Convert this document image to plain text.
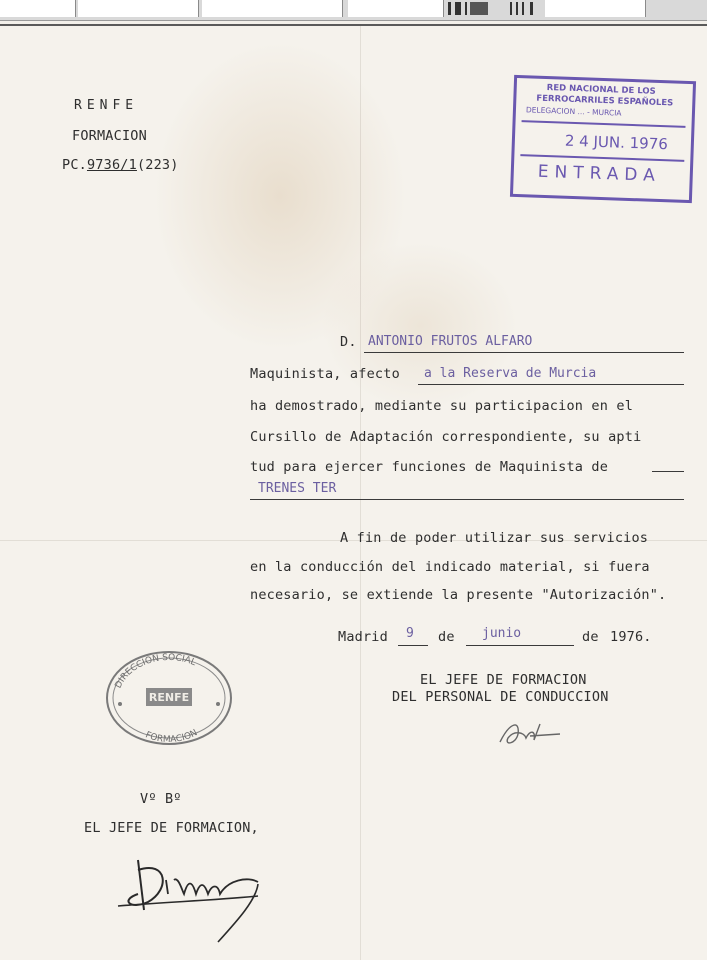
RENFE
FORMACION
PC.9736/1(223)
RED NACIONAL DE LOS
FERROCARRILES ESPAÑOLES
DELEGACION ... - MURCIA
2 4 JUN. 1976
ENTRADA
D. ANTONIO FRUTOS ALFARO
Maquinista, afecto a la Reserva de Murcia
ha demostrado, mediante su participacion en el
Cursillo de Adaptación correspondiente, su apti
tud para ejercer funciones de Maquinista de
TRENES TER
A fin de poder utilizar sus servicios
en la conducción del indicado material, si fuera
necesario, se extiende la presente "Autorización".
Madrid 9 de junio	de 1976.
EL JEFE DE FORMACION
DEL PERSONAL DE CONDUCCION
DIRECCION SOCIAL
RENFE
FORMACION
Vº Bº
EL JEFE DE FORMACION,
